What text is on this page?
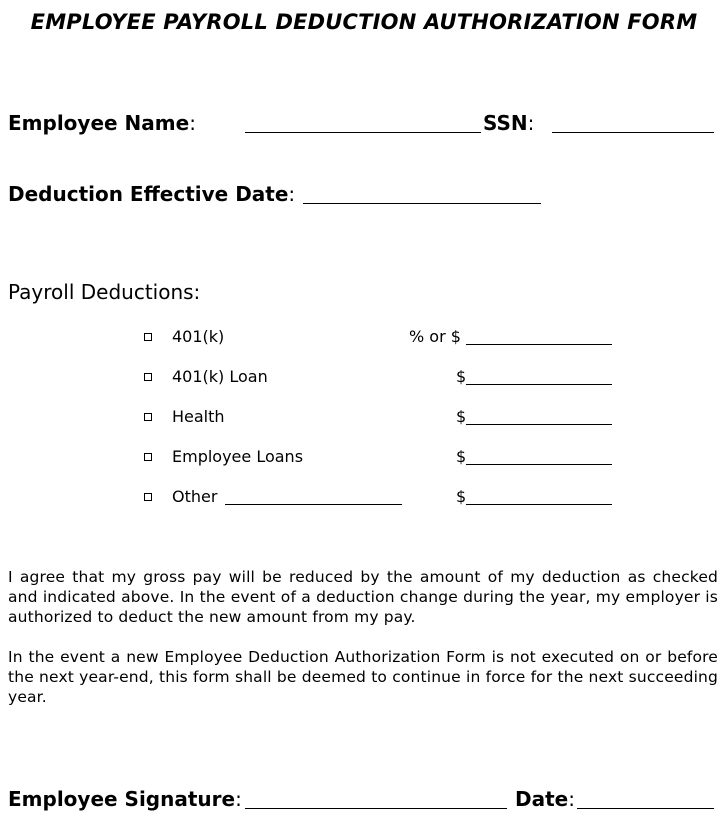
EMPLOYEE PAYROLL DEDUCTION AUTHORIZATION FORM
Employee Name:	SSN:
Deduction Effective Date:
Payroll Deductions:
401(k)	% or $
401(k) Loan	$
Health	$
Employee Loans	$
Other	$
I agree that my gross pay will be reduced by the amount of my deduction as checked and indicated above. In the event of a deduction change during the year, my employer is authorized to deduct the new amount from my pay.
In the event a new Employee Deduction Authorization Form is not executed on or before the next year-end, this form shall be deemed to continue in force for the next succeeding year.
Employee Signature:	Date:
